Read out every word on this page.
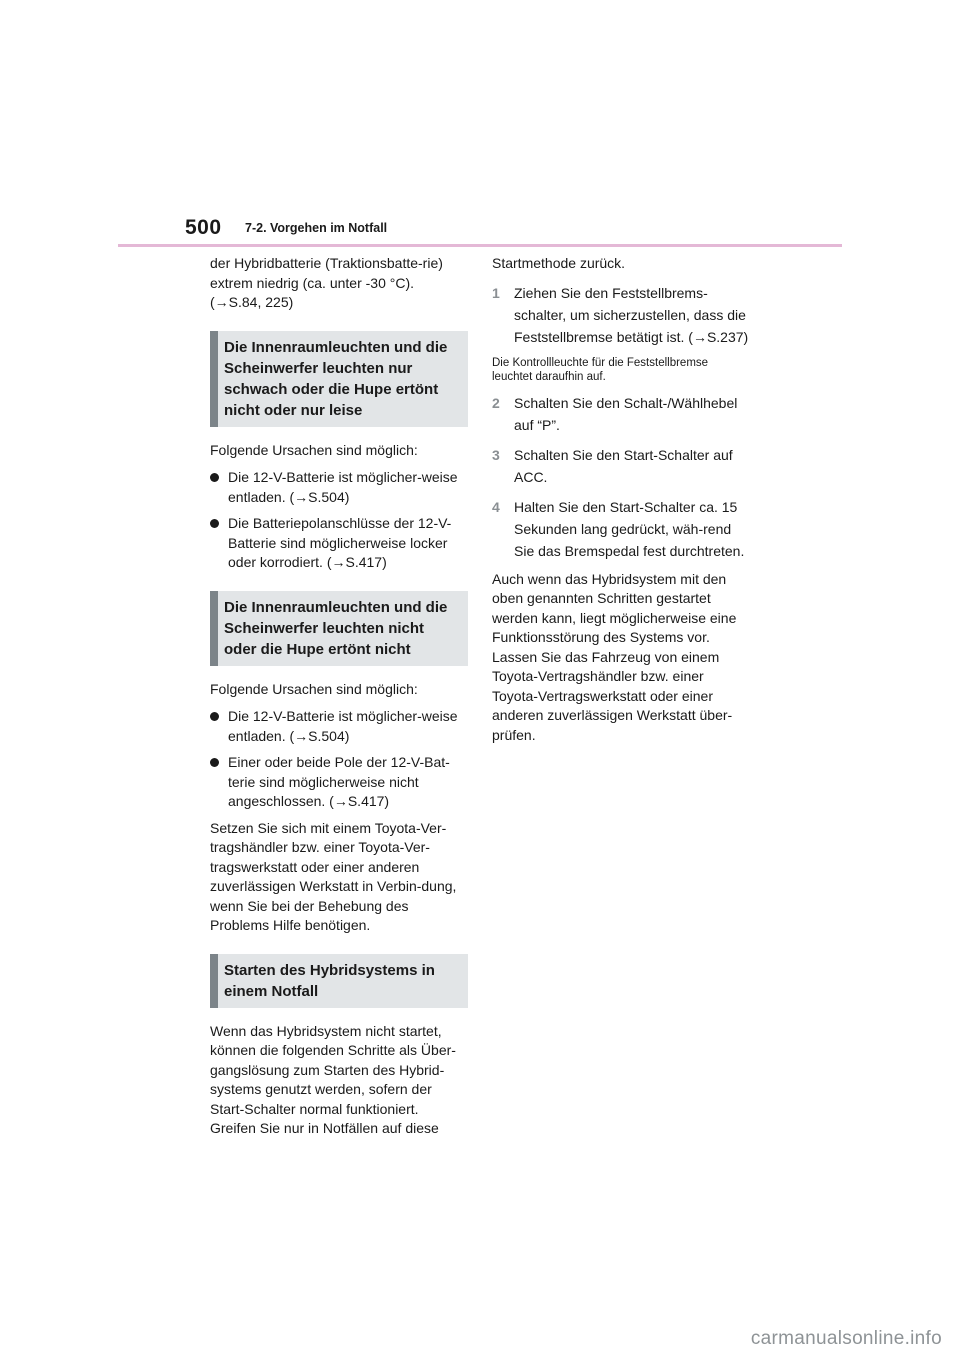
500 7-2. Vorgehen im Notfall

der Hybridbatterie (Traktionsbatte-rie) extrem niedrig (ca. unter -30 °C). (→S.84, 225)

Die Innenraumleuchten und die Scheinwerfer leuchten nur schwach oder die Hupe ertönt nicht oder nur leise

Folgende Ursachen sind möglich:

Die 12-V-Batterie ist möglicher-weise entladen. (→S.504)
Die Batteriepolanschlüsse der 12-V-Batterie sind möglicherweise locker oder korrodiert. (→S.417)
Die Innenraumleuchten und die Scheinwerfer leuchten nicht oder die Hupe ertönt nicht

Folgende Ursachen sind möglich:

Die 12-V-Batterie ist möglicher-weise entladen. (→S.504)
Einer oder beide Pole der 12-V-Bat-terie sind möglicherweise nicht angeschlossen. (→S.417)

Setzen Sie sich mit einem Toyota-Ver-tragshändler bzw. einer Toyota-Ver-tragswerkstatt oder einer anderen zuverlässigen Werkstatt in Verbin-dung, wenn Sie bei der Behebung des Problems Hilfe benötigen.

Starten des Hybridsystems in einem Notfall

Wenn das Hybridsystem nicht startet, können die folgenden Schritte als Über-gangslösung zum Starten des Hybrid-systems genutzt werden, sofern der Start-Schalter normal funktioniert. Greifen Sie nur in Notfällen auf diese

Startmethode zurück.

1 Ziehen Sie den Feststellbrems-schalter, um sicherzustellen, dass die Feststellbremse betätigt ist. (→S.237)

Die Kontrollleuchte für die Feststellbremse leuchtet daraufhin auf.

2 Schalten Sie den Schalt-/Wählhebel auf “P”.
3 Schalten Sie den Start-Schalter auf ACC.
4 Halten Sie den Start-Schalter ca. 15 Sekunden lang gedrückt, wäh-rend Sie das Bremspedal fest durchtreten.

Auch wenn das Hybridsystem mit den oben genannten Schritten gestartet werden kann, liegt möglicherweise eine Funktionsstörung des Systems vor. Lassen Sie das Fahrzeug von einem Toyota-Vertragshändler bzw. einer Toyota-Vertragswerkstatt oder einer anderen zuverlässigen Werkstatt über-prüfen.

carmanualsonline.info
